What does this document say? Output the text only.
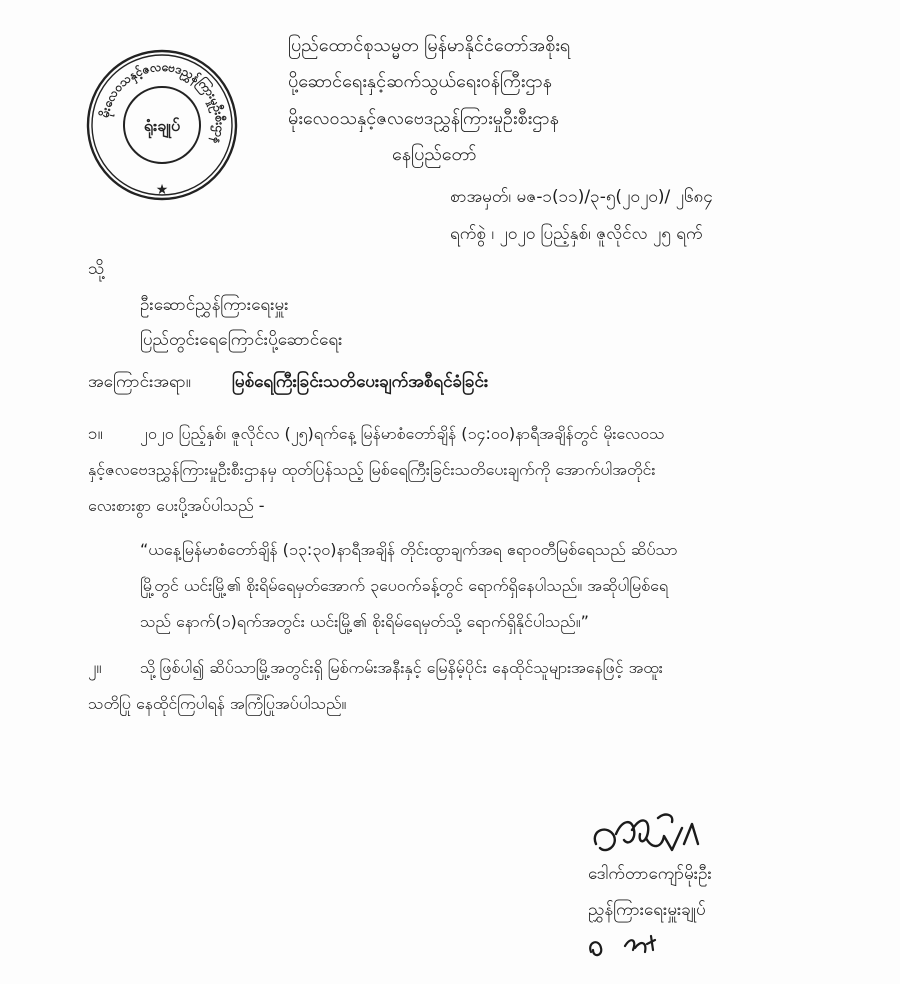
မိုးလေဝသနှင့်ဇလဗေဒညွှန်ကြားမှုဦးစီးဌာန
ရုံးချုပ်
★
ပြည်ထောင်စုသမ္မတ မြန်မာနိုင်ငံတော်အစိုးရ
ပို့ဆောင်ရေးနှင့်ဆက်သွယ်ရေးဝန်ကြီးဌာန
မိုးလေဝသနှင့်ဇလဗေဒညွှန်ကြားမှုဦးစီးဌာန
နေပြည်တော်
စာအမှတ်၊ မဇ-၁(၁၁)/၃-၅(၂၀၂၀)/ ၂၆၈၄
ရက်စွဲ ၊ ၂၀၂၀ ပြည့်နှစ်၊ ဇူလိုင်လ ၂၅ ရက်
သို့
ဦးဆောင်ညွှန်ကြားရေးမှူး
ပြည်တွင်းရေကြောင်းပို့ဆောင်ရေး
အကြောင်းအရာ။ မြစ်ရေကြီးခြင်းသတိပေးချက်အစီရင်ခံခြင်း
၁။ ၂၀၂၀ ပြည့်နှစ်၊ ဇူလိုင်လ (၂၅)ရက်နေ့ မြန်မာစံတော်ချိန် (၁၄:၀၀)နာရီအချိန်တွင် မိုးလေဝသ
နှင့်ဇလဗေဒညွှန်ကြားမှုဦးစီးဌာနမှ ထုတ်ပြန်သည့် မြစ်ရေကြီးခြင်းသတိပေးချက်ကို အောက်ပါအတိုင်း
လေးစားစွာ ပေးပို့အပ်ပါသည် -
“ယနေ့မြန်မာစံတော်ချိန် (၁၃:၃၀)နာရီအချိန် တိုင်းထွာချက်အရ ဧရာဝတီမြစ်ရေသည် ဆိပ်သာ
မြို့တွင် ယင်းမြို့၏ စိုးရိမ်ရေမှတ်အောက် ၃ပေ၀က်ခန့်တွင် ရောက်ရှိနေပါသည်။ အဆိုပါမြစ်ရေ
သည် နောက်(၁)ရက်အတွင်း ယင်းမြို့၏ စိုးရိမ်ရေမှတ်သို့ ရောက်ရှိနိုင်ပါသည်။”
၂။ သို့ဖြစ်ပါ၍ ဆိပ်သာမြို့အတွင်းရှိ မြစ်ကမ်းအနီးနှင့် မြေနိမ့်ပိုင်း နေထိုင်သူများအနေဖြင့် အထူး
သတိပြု နေထိုင်ကြပါရန် အကြံပြုအပ်ပါသည်။
ဒေါက်တာကျော်မိုးဦး
ညွှန်ကြားရေးမှူးချုပ်
